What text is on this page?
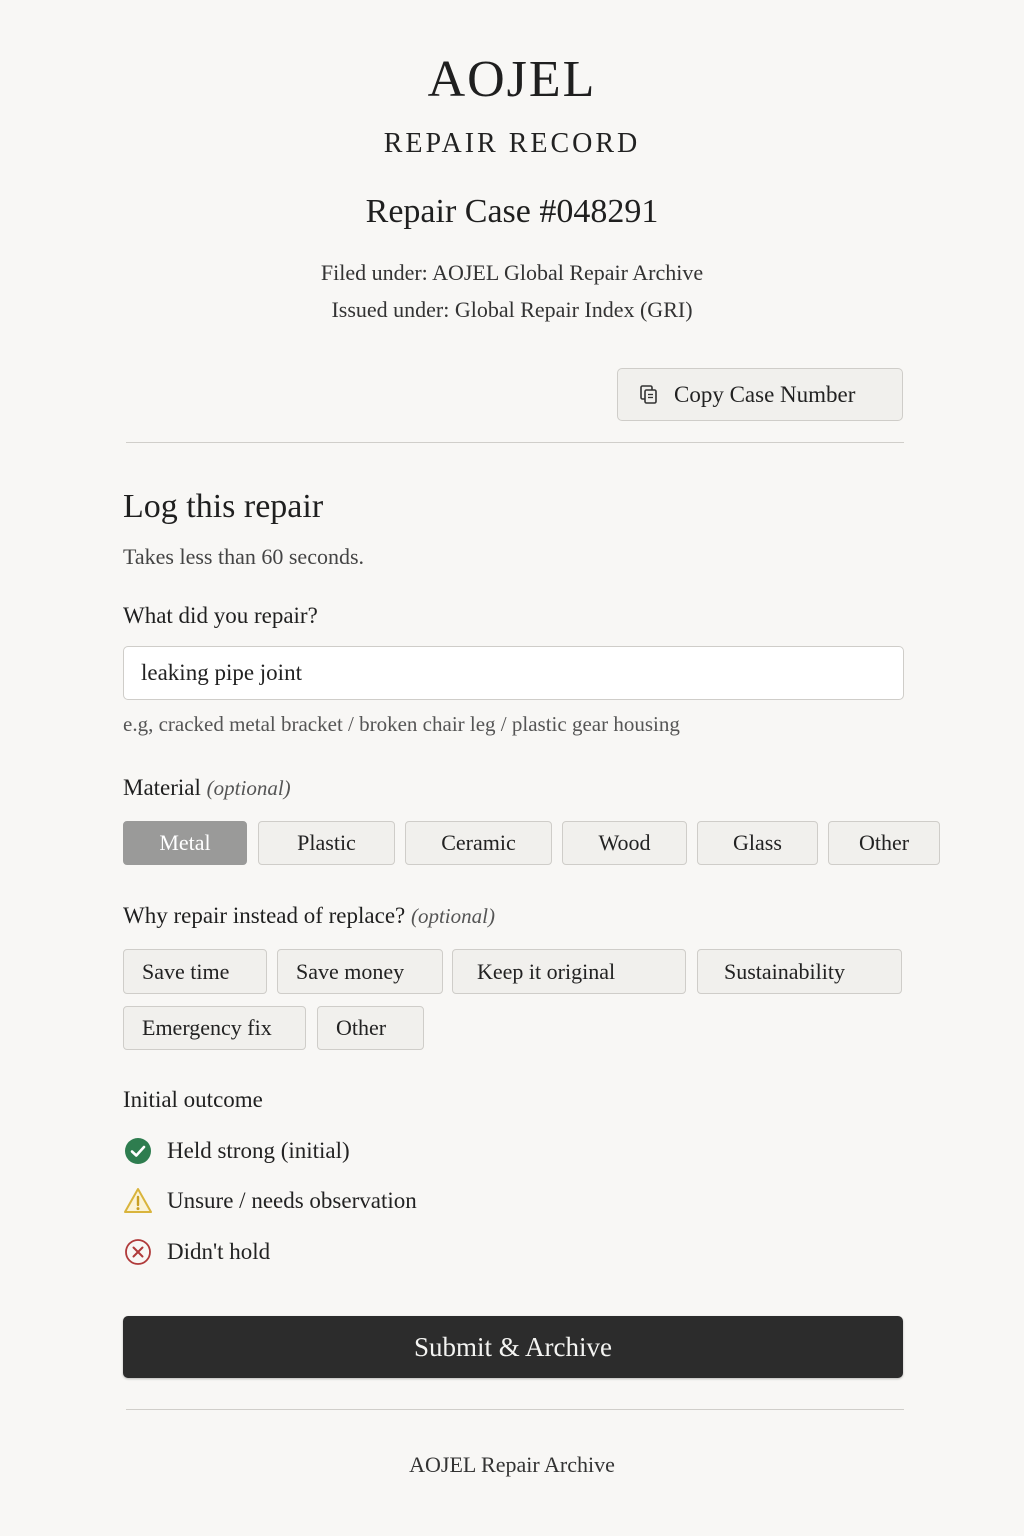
AOJEL
REPAIR RECORD
Repair Case #048291
Filed under: AOJEL Global Repair Archive
Issued under: Global Repair Index (GRI)
Copy Case Number
Log this repair
Takes less than 60 seconds.
What did you repair?
leaking pipe joint
e.g, cracked metal bracket / broken chair leg / plastic gear housing
Material (optional)
Metal	Plastic	Ceramic	Wood	Glass	Other
Why repair instead of replace? (optional)
Save time	Save money	Keep it original	Sustainability
Emergency fix	Other
Initial outcome
Held strong (initial)
Unsure / needs observation
Didn't hold
Submit & Archive
AOJEL Repair Archive
